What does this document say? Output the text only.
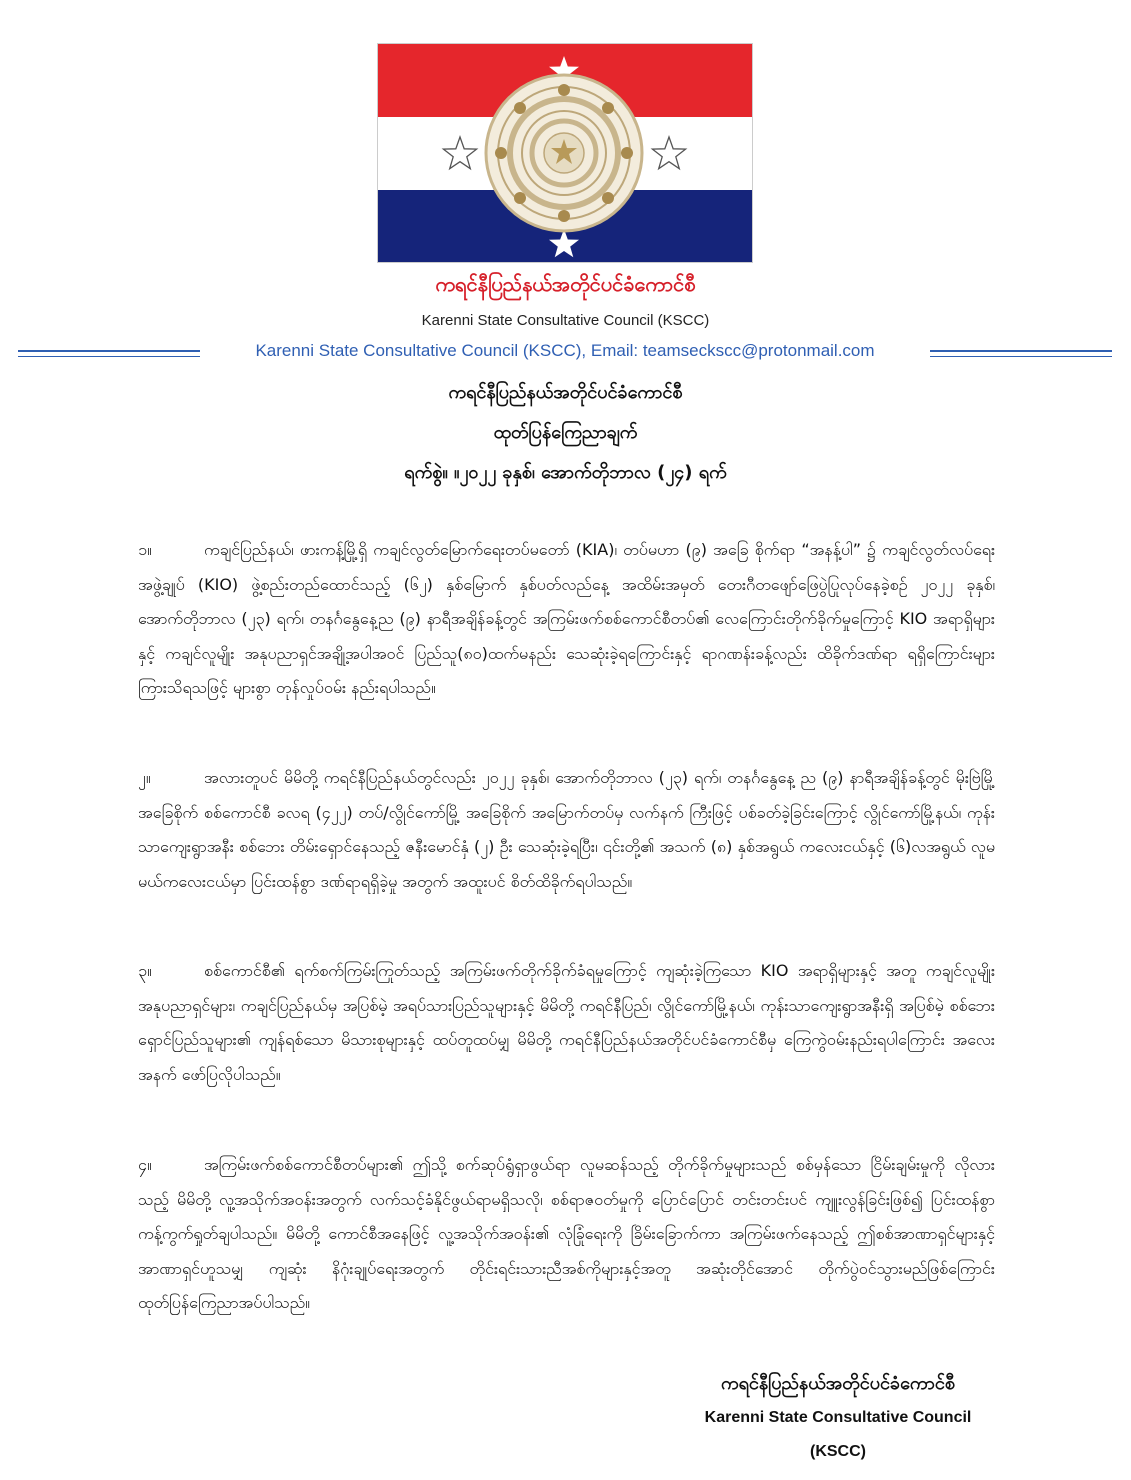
ကရင်နီပြည်နယ်အတိုင်ပင်ခံကောင်စီ
Karenni State Consultative Council (KSCC)
Karenni State Consultative Council (KSCC), Email: teamseckscc@protonmail.com
ကရင်နီပြည်နယ်အတိုင်ပင်ခံကောင်စီ
ထုတ်ပြန်ကြေညာချက်
ရက်စွဲ။ ။၂၀၂၂ ခုနှစ်၊ အောက်တိုဘာလ (၂၄) ရက်
၁။	ကချင်ပြည်နယ်၊ ဖားကန့်မြို့ရှိ ကချင်လွတ်မြောက်ရေးတပ်မတော် (KIA)၊ တပ်မဟာ (၉) အခြေ စိုက်ရာ “အနန့်ပါ” ၌ ကချင်လွတ်လပ်ရေးအဖွဲ့ချုပ် (KIO) ဖွဲ့စည်းတည်ထောင်သည့် (၆၂) နှစ်မြောက် နှစ်ပတ်လည်နေ့ အထိမ်းအမှတ် တေးဂီတဖျော်ဖြေပွဲပြုလုပ်နေခဲ့စဉ် ၂၀၂၂ ခုနှစ်၊ အောက်တိုဘာလ (၂၃) ရက်၊ တနင်္ဂနွေနေ့ည (၉) နာရီအချိန်ခန့်တွင် အကြမ်းဖက်စစ်ကောင်စီတပ်၏ လေကြောင်းတိုက်ခိုက်မှုကြောင့် KIO အရာရှိများနှင့် ကချင်လူမျိုး အနုပညာရှင်အချို့အပါအဝင် ပြည်သူ(၈၀)ထက်မနည်း သေဆုံးခဲ့ရကြောင်းနှင့် ရာဂဏန်းခန့်လည်း ထိခိုက်ဒဏ်ရာ ရရှိကြောင်းများ ကြားသိရသဖြင့် များစွာ တုန်လှုပ်ဝမ်း နည်းရပါသည်။
၂။	အလားတူပင် မိမိတို့ ကရင်နီပြည်နယ်တွင်လည်း ၂၀၂၂ ခုနှစ်၊ အောက်တိုဘာလ (၂၃) ရက်၊ တနင်္ဂနွေနေ့ ည (၉) နာရီအချိန်ခန့်တွင် မိုးဗြဲမြို့အခြေစိုက် စစ်ကောင်စီ ခလရ (၄၂၂) တပ်/လွိုင်ကော်မြို့ အခြေစိုက် အမြောက်တပ်မှ လက်နက် ကြီးဖြင့် ပစ်ခတ်ခဲ့ခြင်းကြောင့် လွိုင်ကော်မြို့နယ်၊ ကုန်းသာကျေးရွာအနီး စစ်ဘေး တိမ်းရှောင်နေသည့် ဇနီးမောင်နှံ (၂) ဦး သေဆုံးခဲ့ရပြီး၊ ၎င်းတို့၏ အသက် (၈) နှစ်အရွယ် ကလေးငယ်နှင့် (၆)လအရွယ် လူမမယ်ကလေးငယ်မှာ ပြင်းထန်စွာ ဒဏ်ရာရရှိခဲ့မှု အတွက် အထူးပင် စိတ်ထိခိုက်ရပါသည်။
၃။	စစ်ကောင်စီ၏ ရက်စက်ကြမ်းကြုတ်သည့် အကြမ်းဖက်တိုက်ခိုက်ခံရမှုကြောင့် ကျဆုံးခဲ့ကြသော KIO အရာရှိများနှင့် အတူ ကချင်လူမျိုး အနုပညာရှင်များ၊ ကချင်ပြည်နယ်မှ အပြစ်မဲ့ အရပ်သားပြည်သူများနှင့် မိမိတို့ ကရင်နီပြည်၊ လွိုင်ကော်မြို့နယ်၊ ကုန်းသာကျေးရွာအနီးရှိ အပြစ်မဲ့ စစ်ဘေးရှောင်ပြည်သူများ၏ ကျန်ရစ်သော မိသားစုများနှင့် ထပ်တူထပ်မျှ မိမိတို့ ကရင်နီပြည်နယ်အတိုင်ပင်ခံကောင်စီမှ ကြေကွဲဝမ်းနည်းရပါကြောင်း အလေးအနက် ဖော်ပြလိုပါသည်။
၄။	အကြမ်းဖက်စစ်ကောင်စီတပ်များ၏ ဤသို့ စက်ဆုပ်ရွံရှာဖွယ်ရာ လူမဆန်သည့် တိုက်ခိုက်မှုများသည် စစ်မှန်သော ငြိမ်းချမ်းမှုကို လိုလားသည့် မိမိတို့ လူ့အသိုက်အဝန်းအတွက် လက်သင့်ခံနိုင်ဖွယ်ရာမရှိသလို၊ စစ်ရာဇဝတ်မှုကို ပြောင်ပြောင် တင်းတင်းပင် ကျူးလွန်ခြင်းဖြစ်၍ ပြင်းထန်စွာ ကန့်ကွက်ရှုတ်ချပါသည်။ မိမိတို့ ကောင်စီအနေဖြင့် လူ့အသိုက်အဝန်း၏ လုံခြုံရေးကို ခြိမ်းခြောက်ကာ အကြမ်းဖက်နေသည့် ဤစစ်အာဏာရှင်များနှင့် အာဏာရှင်ဟူသမျှ ကျဆုံး နိဂုံးချုပ်ရေးအတွက် တိုင်းရင်းသားညီအစ်ကိုများနှင့်အတူ အဆုံးတိုင်အောင် တိုက်ပွဲဝင်သွားမည်ဖြစ်ကြောင်း ထုတ်ပြန်ကြေညာအပ်ပါသည်။
ကရင်နီပြည်နယ်အတိုင်ပင်ခံကောင်စီ
Karenni State Consultative Council
(KSCC)
